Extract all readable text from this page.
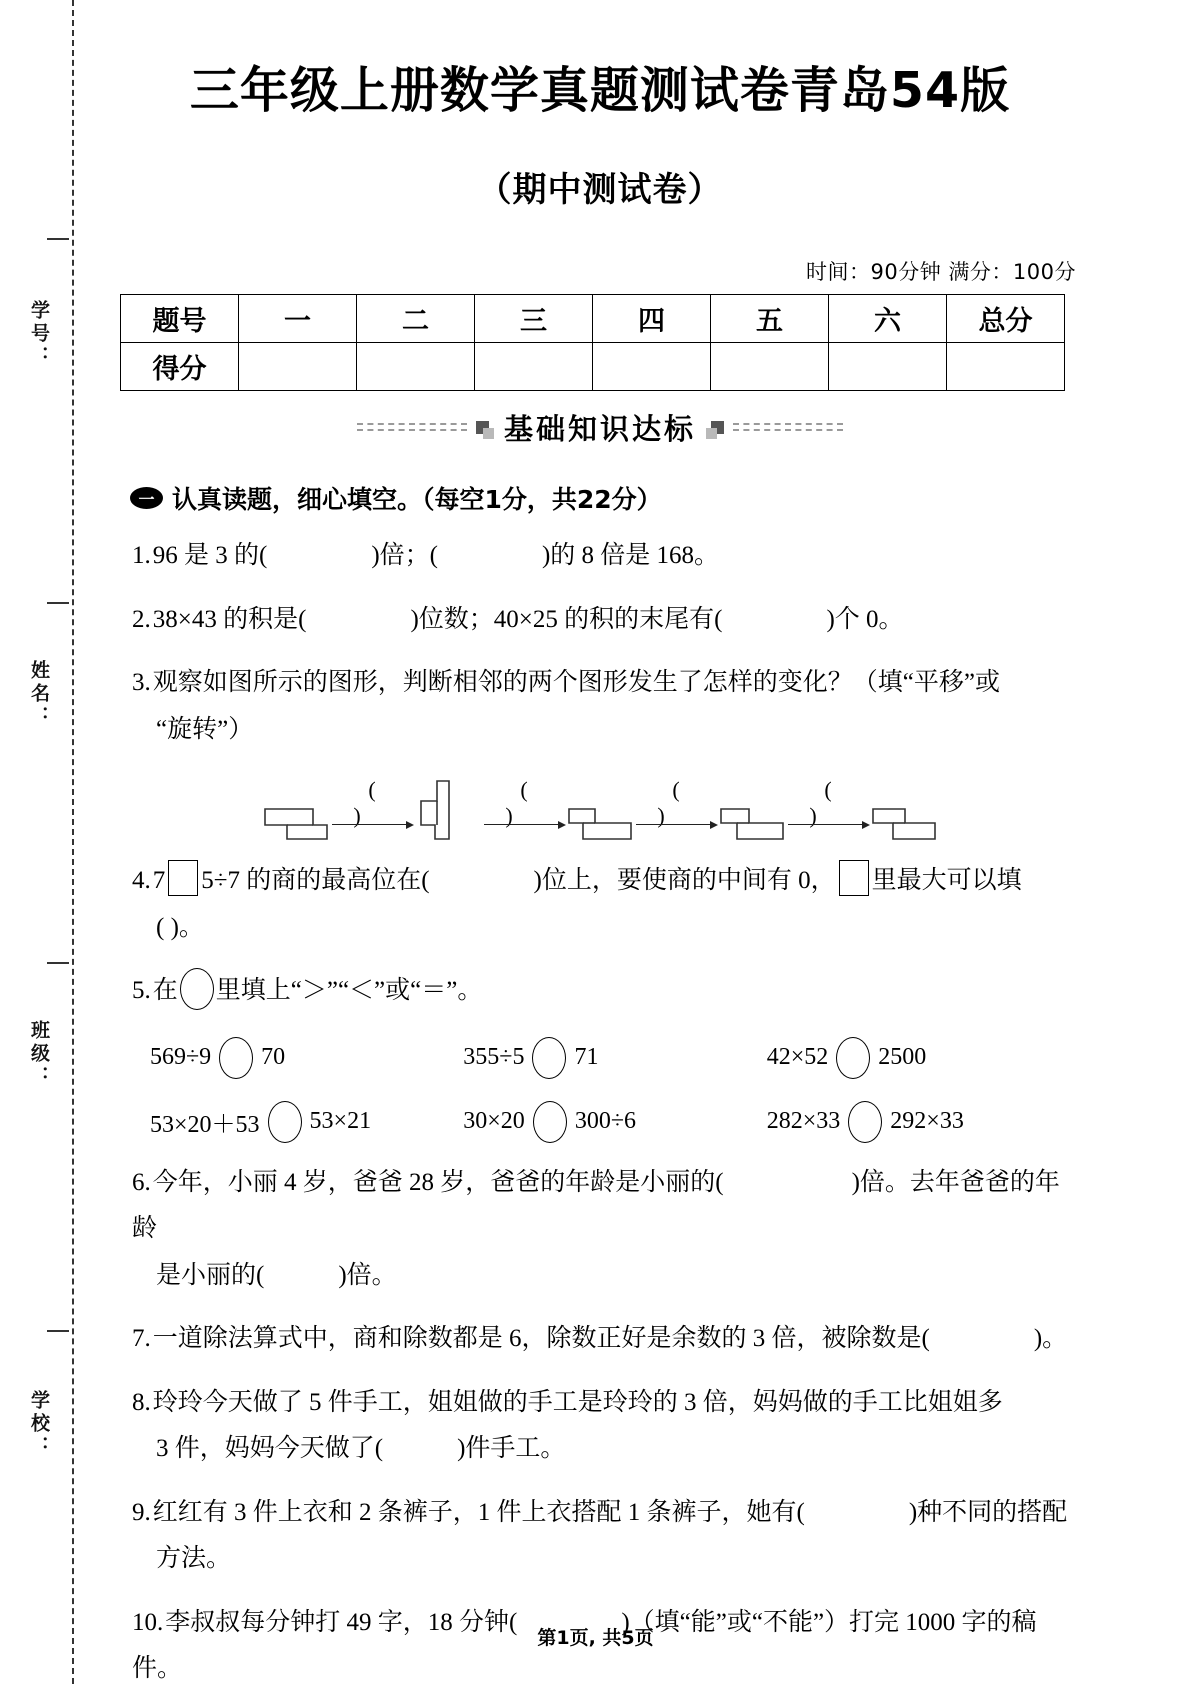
学号：
姓名：
班级：
学校：
三年级上册数学真题测试卷青岛54版
（期中测试卷）
时间：90分钟 满分：100分
题号	一	二	三	四	五	六	总分
得分							
基础知识达标
一 认真读题，细心填空。（每空1分，共22分）
1.96 是 3 的(	)倍；(	)的 8 倍是 168。
2.38×43 的积是(	)位数；40×25 的积的末尾有(	)个 0。
3.观察如图所示的图形，判断相邻的两个图形发生了怎样的变化？（填“平移”或
“旋转”）
( )
( )
( )
( )
4.7 5÷7 的商的最高位在(	)位上，要使商的中间有 0， 里最大可以填
( )。
5.在 里填上“＞”“＜”或“＝”。
569÷9 70	355÷5 71	42×52 2500
53×20＋53 53×21	30×20 300÷6	282×33 292×33
6.今年，小丽 4 岁，爸爸 28 岁，爸爸的年龄是小丽的(	)倍。去年爸爸的年龄
是小丽的(	)倍。
7.一道除法算式中，商和除数都是 6，除数正好是余数的 3 倍，被除数是(	)。
8.玲玲今天做了 5 件手工，姐姐做的手工是玲玲的 3 倍，妈妈做的手工比姐姐多
3 件，妈妈今天做了(	)件手工。
9.红红有 3 件上衣和 2 条裤子，1 件上衣搭配 1 条裤子，她有(	)种不同的搭配
方法。
10.李叔叔每分钟打 49 字，18 分钟(	)（填“能”或“不能”）打完 1000 字的稿件。
第1页, 共5页
